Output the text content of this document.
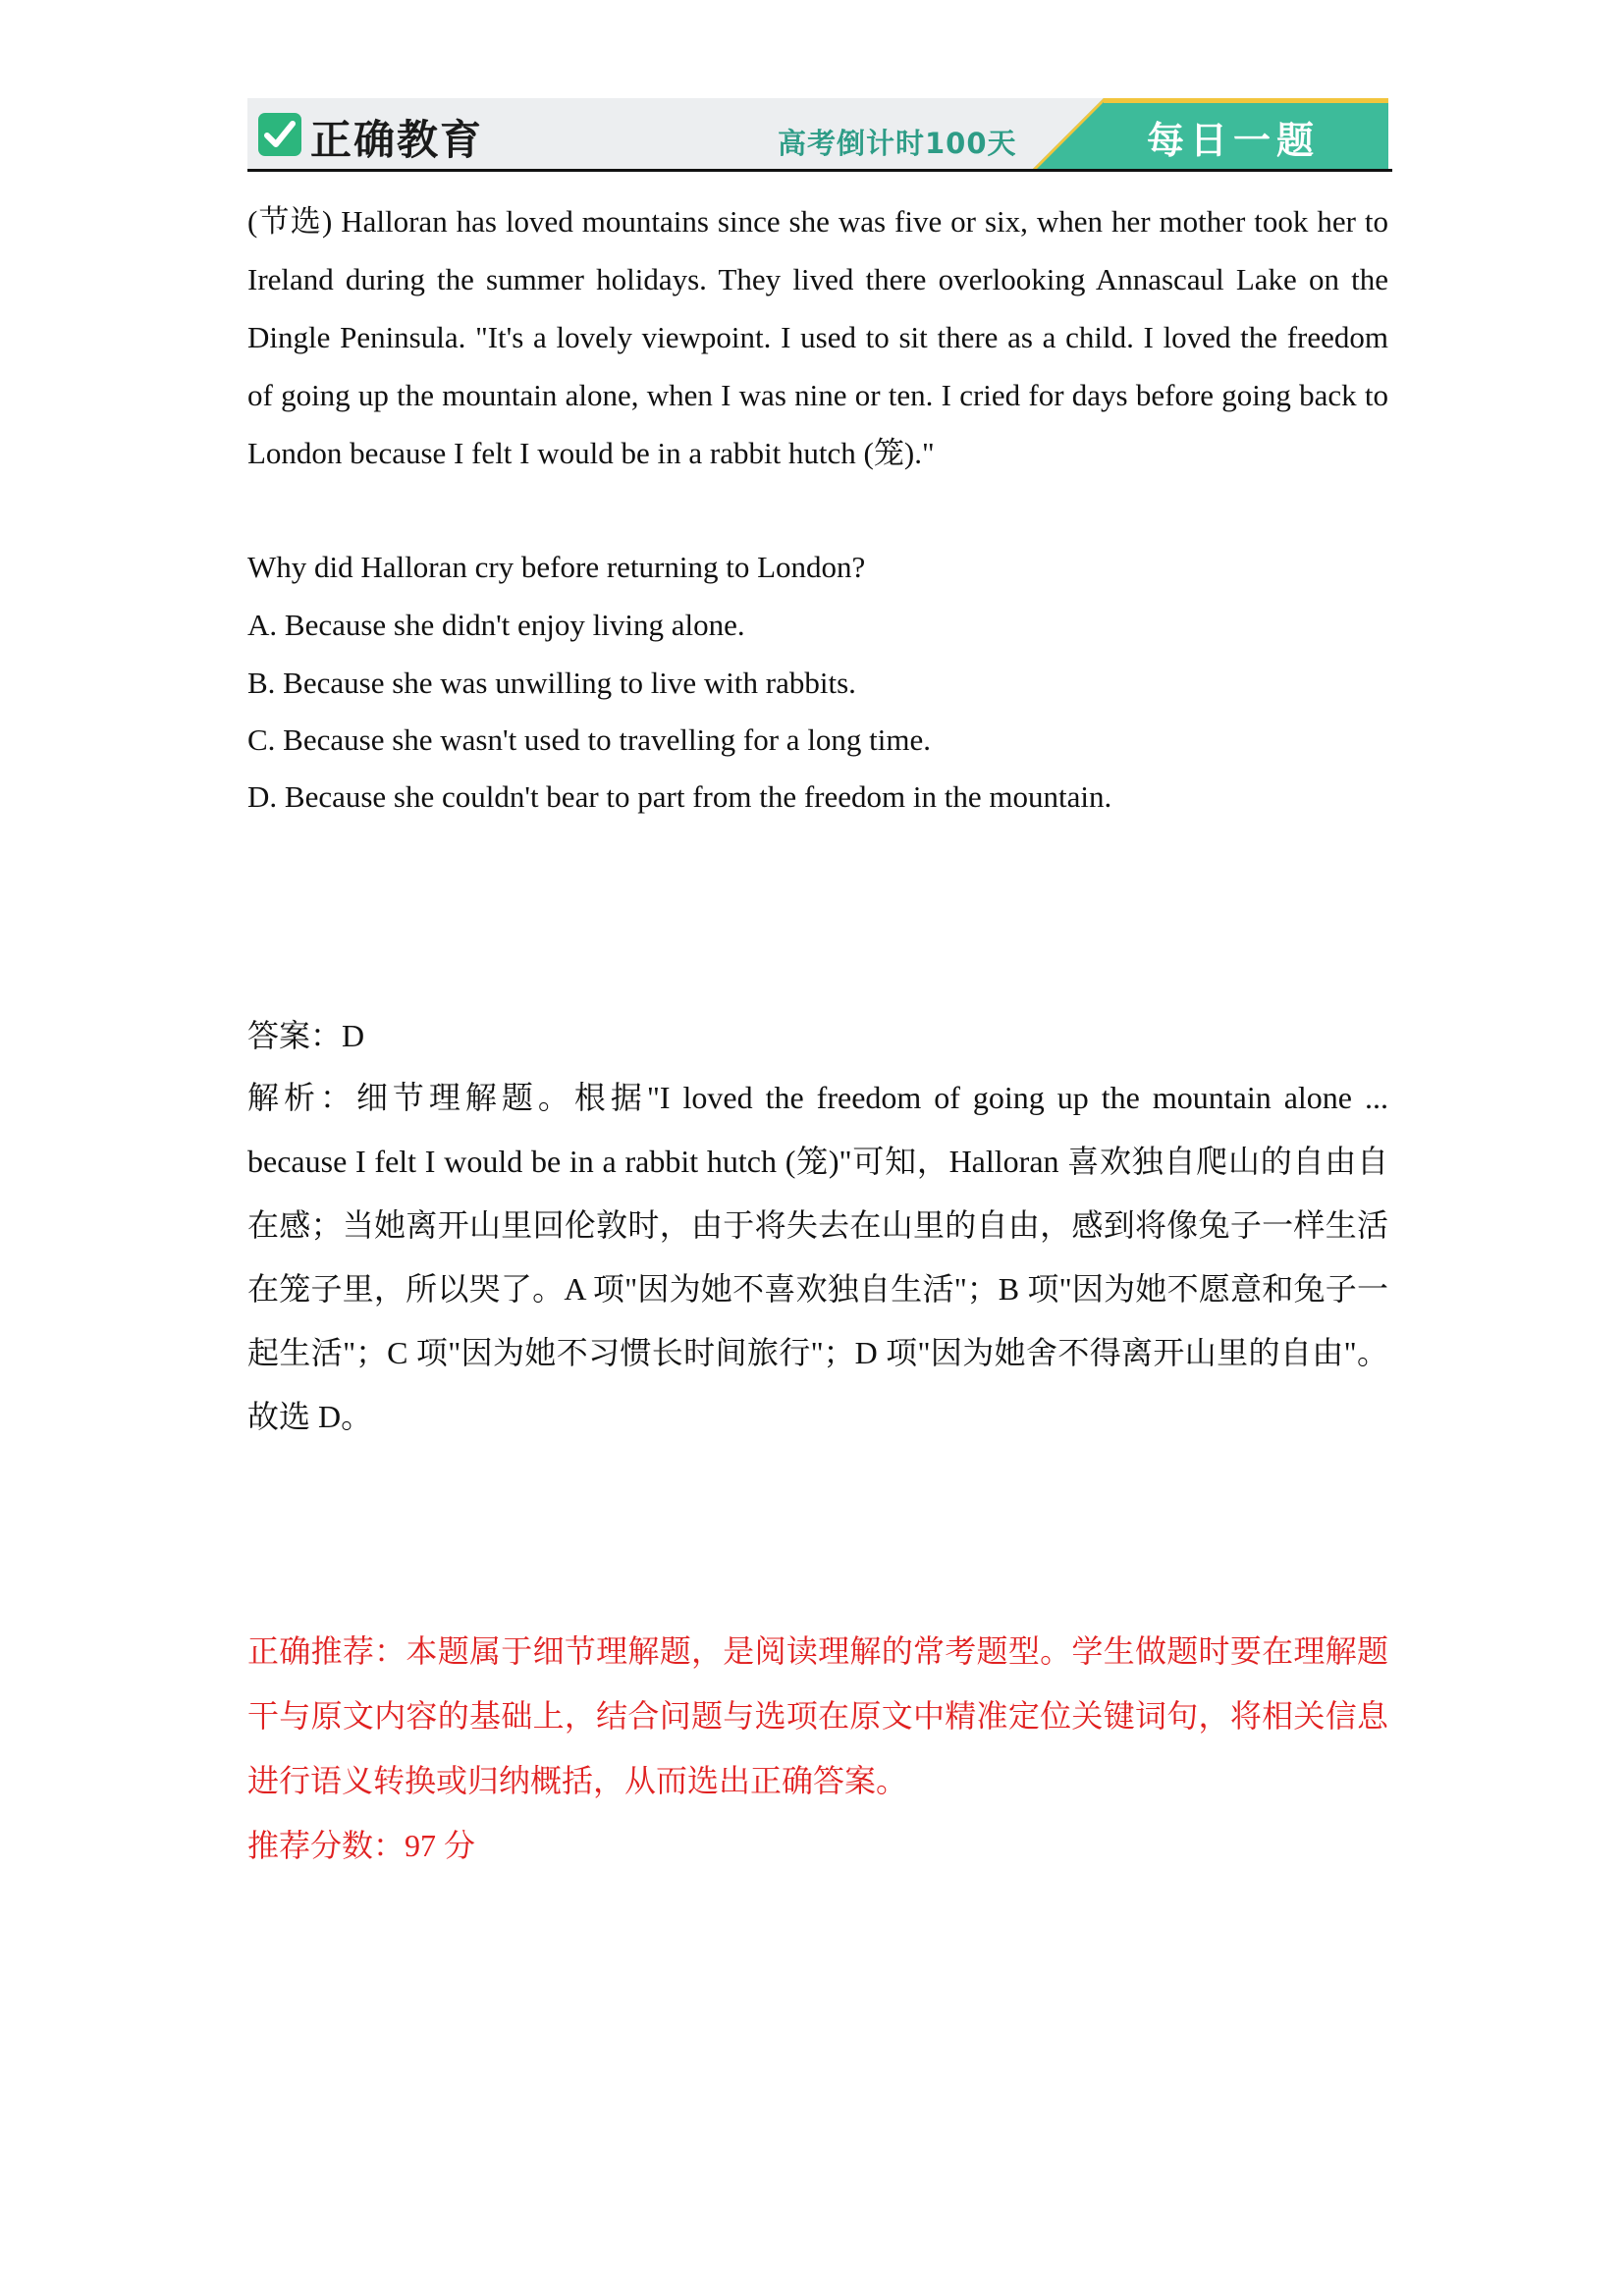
正确教育	高考倒计时100天	每日一题

(节选) Halloran has loved mountains since she was five or six, when her mother took her to Ireland during the summer holidays. They lived there overlooking Annascaul Lake on the Dingle Peninsula. "It's a lovely viewpoint. I used to sit there as a child. I loved the freedom of going up the mountain alone, when I was nine or ten. I cried for days before going back to London because I felt I would be in a rabbit hutch (笼)."

Why did Halloran cry before returning to London?

A. Because she didn't enjoy living alone.

B. Because she was unwilling to live with rabbits.

C. Because she wasn't used to travelling for a long time.

D. Because she couldn't bear to part from the freedom in the mountain.

答案：D

解析：细节理解题。根据"I loved the freedom of going up the mountain alone ... because I felt I would be in a rabbit hutch (笼)"可知，Halloran 喜欢独自爬山的自由自在感；当她离开山里回伦敦时，由于将失去在山里的自由，感到将像兔子一样生活在笼子里，所以哭了。A 项"因为她不喜欢独自生活"；B 项"因为她不愿意和兔子一起生活"；C 项"因为她不习惯长时间旅行"；D 项"因为她舍不得离开山里的自由"。故选 D。

正确推荐：本题属于细节理解题，是阅读理解的常考题型。学生做题时要在理解题干与原文内容的基础上，结合问题与选项在原文中精准定位关键词句，将相关信息进行语义转换或归纳概括，从而选出正确答案。

推荐分数：97 分
